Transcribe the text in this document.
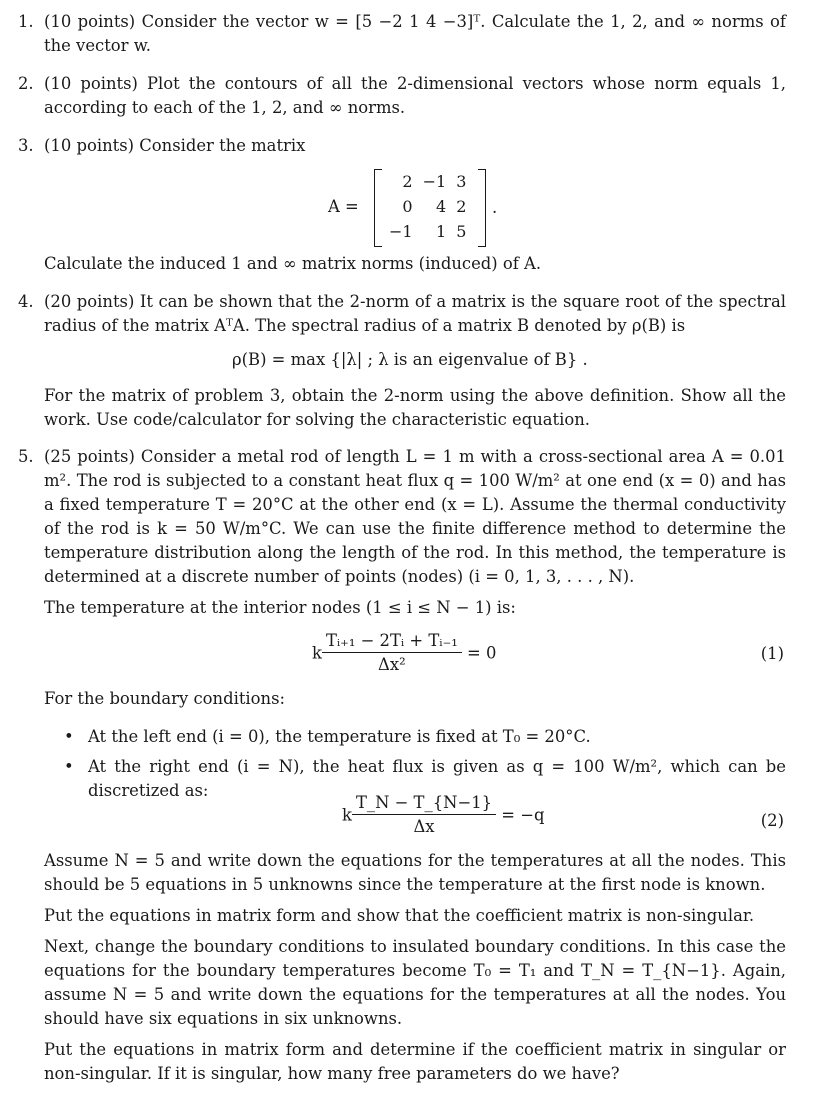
1. (10 points) Consider the vector w = [5 −2 1 4 −3]ᵀ. Calculate the 1, 2, and ∞ norms of the vector w.
2. (10 points) Plot the contours of all the 2-dimensional vectors whose norm equals 1, according to each of the 1, 2, and ∞ norms.
3. (10 points) Consider the matrix
A =
2	−1	3
0	4	2
−1	1	5
.
Calculate the induced 1 and ∞ matrix norms (induced) of A.
4. (20 points) It can be shown that the 2-norm of a matrix is the square root of the spectral radius of the matrix AᵀA. The spectral radius of a matrix B denoted by ρ(B) is
ρ(B) = max {|λ| ; λ is an eigenvalue of B} .
For the matrix of problem 3, obtain the 2-norm using the above definition. Show all the work. Use code/calculator for solving the characteristic equation.
5. (25 points) Consider a metal rod of length L = 1 m with a cross-sectional area A = 0.01 m². The rod is subjected to a constant heat flux q = 100 W/m² at one end (x = 0) and has a fixed temperature T = 20°C at the other end (x = L). Assume the thermal conductivity of the rod is k = 50 W/m°C. We can use the finite difference method to determine the temperature distribution along the length of the rod. In this method, the temperature is determined at a discrete number of points (nodes) (i = 0, 1, 3, . . . , N).
The temperature at the interior nodes (1 ≤ i ≤ N − 1) is:
k $\frac{\text{Tᵢ₊₁ − 2Tᵢ + Tᵢ₋₁}}{\text{Δx²}} = 0$	(1)
For the boundary conditions:
• At the left end (i = 0), the temperature is fixed at T₀ = 20°C.
• At the right end (i = N), the heat flux is given as q = 100 W/m², which can be discretized as:
k $\frac{T\_N - T\_\{N-1\}}{\Delta x} = -q$	(2)
Assume N = 5 and write down the equations for the temperatures at all the nodes. This should be 5 equations in 5 unknowns since the temperature at the first node is known.
Put the equations in matrix form and show that the coefficient matrix is non-singular.
Next, change the boundary conditions to insulated boundary conditions. In this case the equations for the boundary temperatures become T₀ = T₁ and T_N = T_{N−1}. Again, assume N = 5 and write down the equations for the temperatures at all the nodes. You should have six equations in six unknowns.
Put the equations in matrix form and determine if the coefficient matrix in singular or non-singular. If it is singular, how many free parameters do we have?
